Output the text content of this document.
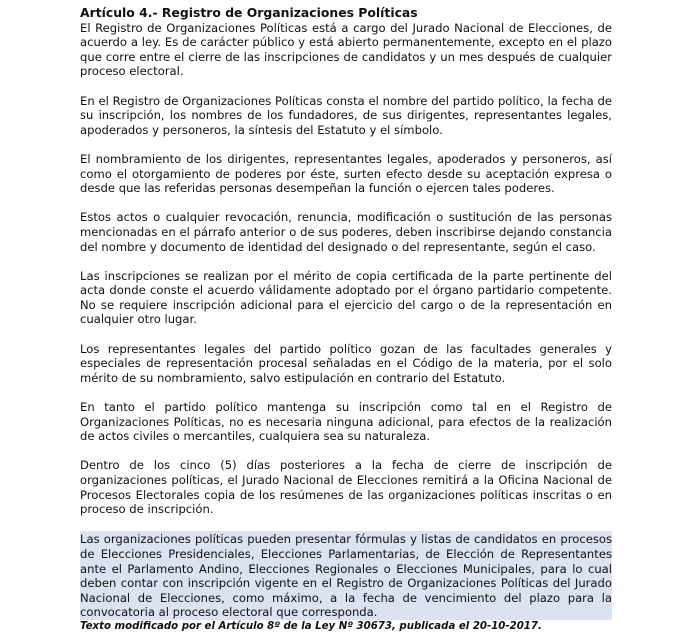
Artículo 4.- Registro de Organizaciones Políticas

El Registro de Organizaciones Políticas está a cargo del Jurado Nacional de Elecciones, de acuerdo a ley. Es de carácter público y está abierto permanentemente, excepto en el plazo que corre entre el cierre de las inscripciones de candidatos y un mes después de cualquier proceso electoral.

En el Registro de Organizaciones Políticas consta el nombre del partido político, la fecha de su inscripción, los nombres de los fundadores, de sus dirigentes, representantes legales, apoderados y personeros, la síntesis del Estatuto y el símbolo.

El nombramiento de los dirigentes, representantes legales, apoderados y personeros, así como el otorgamiento de poderes por éste, surten efecto desde su aceptación expresa o desde que las referidas personas desempeñan la función o ejercen tales poderes.

Estos actos o cualquier revocación, renuncia, modificación o sustitución de las personas mencionadas en el párrafo anterior o de sus poderes, deben inscribirse dejando constancia del nombre y documento de identidad del designado o del representante, según el caso.

Las inscripciones se realizan por el mérito de copia certificada de la parte pertinente del acta donde conste el acuerdo válidamente adoptado por el órgano partidario competente. No se requiere inscripción adicional para el ejercicio del cargo o de la representación en cualquier otro lugar.

Los representantes legales del partido político gozan de las facultades generales y especiales de representación procesal señaladas en el Código de la materia, por el solo mérito de su nombramiento, salvo estipulación en contrario del Estatuto.

En tanto el partido político mantenga su inscripción como tal en el Registro de Organizaciones Políticas, no es necesaria ninguna adicional, para efectos de la realización de actos civiles o mercantiles, cualquiera sea su naturaleza.

Dentro de los cinco (5) días posteriores a la fecha de cierre de inscripción de organizaciones políticas, el Jurado Nacional de Elecciones remitirá a la Oficina Nacional de Procesos Electorales copia de los resúmenes de las organizaciones políticas inscritas o en proceso de inscripción.

Las organizaciones políticas pueden presentar fórmulas y listas de candidatos en procesos de Elecciones Presidenciales, Elecciones Parlamentarias, de Elección de Representantes ante el Parlamento Andino, Elecciones Regionales o Elecciones Municipales, para lo cual deben contar con inscripción vigente en el Registro de Organizaciones Políticas del Jurado Nacional de Elecciones, como máximo, a la fecha de vencimiento del plazo para la convocatoria al proceso electoral que corresponda.

Texto modificado por el Artículo 8º de la Ley Nº 30673, publicada el 20-10-2017.
